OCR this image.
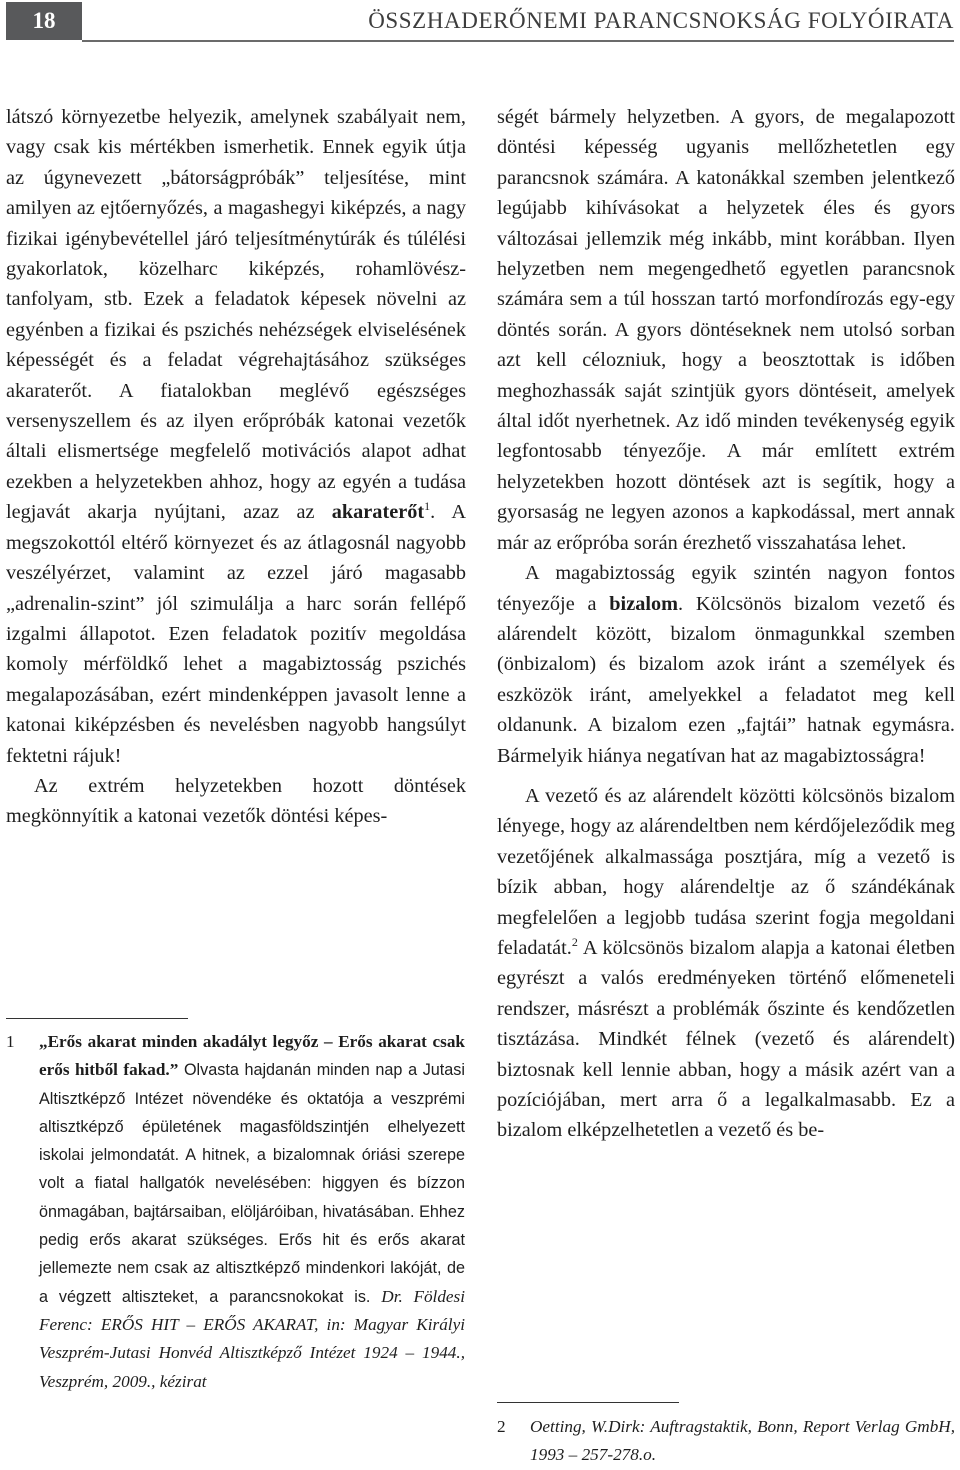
18	ÖSSZHADERŐNEMI PARANCSNOKSÁG FOLYÓIRATA

látszó környezetbe helyezik, amelynek szabályait nem, vagy csak kis mértékben ismerhetik. Ennek egyik útja az úgynevezett „bátorságpróbák” teljesítése, mint amilyen az ejtőernyőzés, a magashegyi kiképzés, a nagy fizikai igénybevétellel járó teljesítménytúrák és túlélési gyakorlatok, közelharc kiképzés, rohamlövész-tanfolyam, stb. Ezek a feladatok képesek növelni az egyénben a fizikai és pszichés nehézségek elviselésének képességét és a feladat végrehajtásához szükséges akaraterőt. A fiatalokban meglévő egészséges versenyszellem és az ilyen erőpróbák katonai vezetők általi elismertsége megfelelő motivációs alapot adhat ezekben a helyzetekben ahhoz, hogy az egyén a tudása legjavát akarja nyújtani, azaz az akaraterőt$^1$. A megszokottól eltérő környezet és az átlagosnál nagyobb veszélyérzet, valamint az ezzel járó magasabb „adrenalin-szint” jól szimulálja a harc során fellépő izgalmi állapotot. Ezen feladatok pozitív megoldása komoly mérföldkő lehet a magabiztosság pszichés megalapozásában, ezért mindenképpen javasolt lenne a katonai kiképzésben és nevelésben nagyobb hangsúlyt fektetni rájuk!

Az extrém helyzetekben hozott döntések megkönnyítik a katonai vezetők döntési képes-

ségét bármely helyzetben. A gyors, de megalapozott döntési képesség ugyanis mellőzhetetlen egy parancsnok számára. A katonákkal szemben jelentkező legújabb kihívásokat a helyzetek éles és gyors változásai jellemzik még inkább, mint korábban. Ilyen helyzetben nem megengedhető egyetlen parancsnok számára sem a túl hosszan tartó morfondírozás egy-egy döntés során. A gyors döntéseknek nem utolsó sorban azt kell célozniuk, hogy a beosztottak is időben meghozhassák saját szintjük gyors döntéseit, amelyek által időt nyerhetnek. Az idő minden tevékenység egyik legfontosabb tényezője. A már említett extrém helyzetekben hozott döntések azt is segítik, hogy a gyorsaság ne legyen azonos a kapkodással, mert annak már az erőpróba során érezhető visszahatása lehet.

A magabiztosság egyik szintén nagyon fontos tényezője a bizalom. Kölcsönös bizalom vezető és alárendelt között, bizalom önmagunkkal szemben (önbizalom) és bizalom azok iránt a személyek és eszközök iránt, amelyekkel a feladatot meg kell oldanunk. A bizalom ezen „fajtái” hatnak egymásra. Bármelyik hiánya negatívan hat az magabiztosságra!

A vezető és az alárendelt közötti kölcsönös bizalom lényege, hogy az alárendeltben nem kérdőjeleződik meg vezetőjének alkalmassága posztjára, míg a vezető is bízik abban, hogy alárendeltje az ő szándékának megfelelően a legjobb tudása szerint fogja megoldani feladatát.$^2$ A kölcsönös bizalom alapja a katonai életben egyrészt a valós eredményeken történő előmeneteli rendszer, másrészt a problémák őszinte és kendőzetlen tisztázása. Mindkét félnek (vezető és alárendelt) biztosnak kell lennie abban, hogy a másik azért van a pozíciójában, mert arra ő a legalkalmasabb. Ez a bizalom elképzelhetetlen a vezető és be-

1 „Erős akarat minden akadályt legyőz – Erős akarat csak erős hitből fakad.” Olvasta hajdanán minden nap a Jutasi Altisztképző Intézet növendéke és oktatója a veszprémi altisztképző épületének magasföldszintjén elhelyezett iskolai jelmondatát. A hitnek, a bizalomnak óriási szerepe volt a fiatal hallgatók nevelésében: higgyen és bízzon önmagában, bajtársaiban, elöljáróiban, hivatásában. Ehhez pedig erős akarat szükséges. Erős hit és erős akarat jellemezte nem csak az altisztképző mindenkori lakóját, de a végzett altiszteket, a parancsnokokat is. Dr. Földesi Ferenc: ERŐS HIT – ERŐS AKARAT, in: Magyar Királyi Veszprém-Jutasi Honvéd Altisztképző Intézet 1924 – 1944., Veszprém, 2009., kézirat
2 Oetting, W.Dirk: Auftragstaktik, Bonn, Report Verlag GmbH, 1993 – 257-278.o.
